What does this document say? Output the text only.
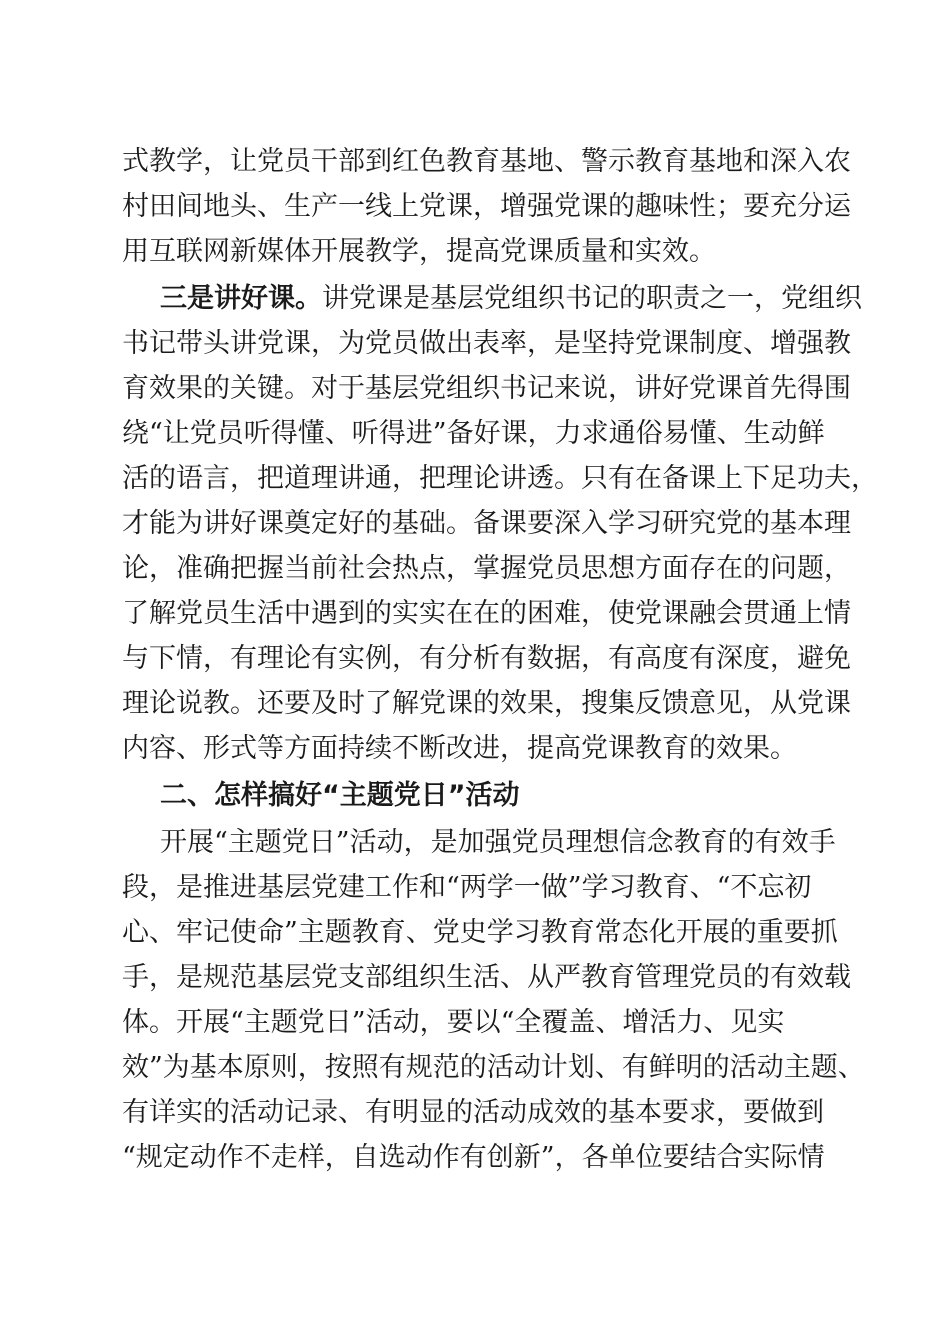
式教学，让党员干部到红色教育基地、警示教育基地和深入农
村田间地头、生产一线上党课，增强党课的趣味性；要充分运
用互联网新媒体开展教学，提高党课质量和实效。
三是讲好课。讲党课是基层党组织书记的职责之一，党组织
书记带头讲党课，为党员做出表率，是坚持党课制度、增强教
育效果的关键。对于基层党组织书记来说，讲好党课首先得围
绕“让党员听得懂、听得进”备好课，力求通俗易懂、生动鲜
活的语言，把道理讲通，把理论讲透。只有在备课上下足功夫，
才能为讲好课奠定好的基础。备课要深入学习研究党的基本理
论，准确把握当前社会热点，掌握党员思想方面存在的问题，
了解党员生活中遇到的实实在在的困难，使党课融会贯通上情
与下情，有理论有实例，有分析有数据，有高度有深度，避免
理论说教。还要及时了解党课的效果，搜集反馈意见，从党课
内容、形式等方面持续不断改进，提高党课教育的效果。
二、怎样搞好“主题党日”活动
开展“主题党日”活动，是加强党员理想信念教育的有效手
段，是推进基层党建工作和“两学一做”学习教育、“不忘初
心、牢记使命”主题教育、党史学习教育常态化开展的重要抓
手，是规范基层党支部组织生活、从严教育管理党员的有效载
体。开展“主题党日”活动，要以“全覆盖、增活力、见实
效”为基本原则，按照有规范的活动计划、有鲜明的活动主题、
有详实的活动记录、有明显的活动成效的基本要求，要做到
“规定动作不走样，自选动作有创新”，各单位要结合实际情
